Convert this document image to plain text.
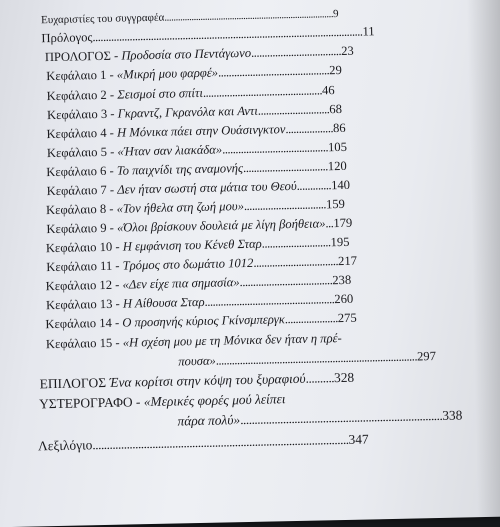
Ευχαριστίες του συγγραφέα...........................................................................9
Πρόλογος......................................................................................................11
ΠΡΟΛΟΓΟΣ - Προδοσία στο Πεντάγωνο..................................23
Κεφάλαιο 1 - «Μικρή μου φαρφέ»..........................................29
Κεφάλαιο 2 - Σεισμοί στο σπίτι.............................................46
Κεφάλαιο 3 - Γκραντζ, Γκρανόλα και Αντι...........................68
Κεφάλαιο 4 - Η Μόνικα πάει στην Ουάσινγκτον..................86
Κεφάλαιο 5 - «Ήταν σαν λιακάδα»........................................105
Κεφάλαιο 6 - Το παιχνίδι της αναμονής................................120
Κεφάλαιο 7 - Δεν ήταν σωστή στα μάτια του Θεού.............140
Κεφάλαιο 8 - «Τον ήθελα στη ζωή μου»...............................159
Κεφάλαιο 9 - «Όλοι βρίσκουν δουλειά με λίγη βοήθεια»...179
Κεφάλαιο 10 - Η εμφάνιση του Κένεθ Σταρ..........................195
Κεφάλαιο 11 - Τρόμος στο δωμάτιο 1012................................217
Κεφάλαιο 12 - «Δεν είχε πια σημασία»...................................238
Κεφάλαιο 13 - Η Αίθουσα Σταρ.................................................260
Κεφάλαιο 14 - Ο προσηνής κύριος Γκίνσμπεργκ....................275
Κεφάλαιο 15 - «Η σχέση μου με τη Μόνικα δεν ήταν η πρέ-
πουσα»............................................................................297
ΕΠΙΛΟΓΟΣ Ένα κορίτσι στην κόψη του ξυραφιού..........328
ΥΣΤΕΡΟΓΡΑΦΟ - «Μερικές φορές μού λείπει
πάρα πολύ».......................................................................338
Λεξιλόγιο..........................................................................................347
